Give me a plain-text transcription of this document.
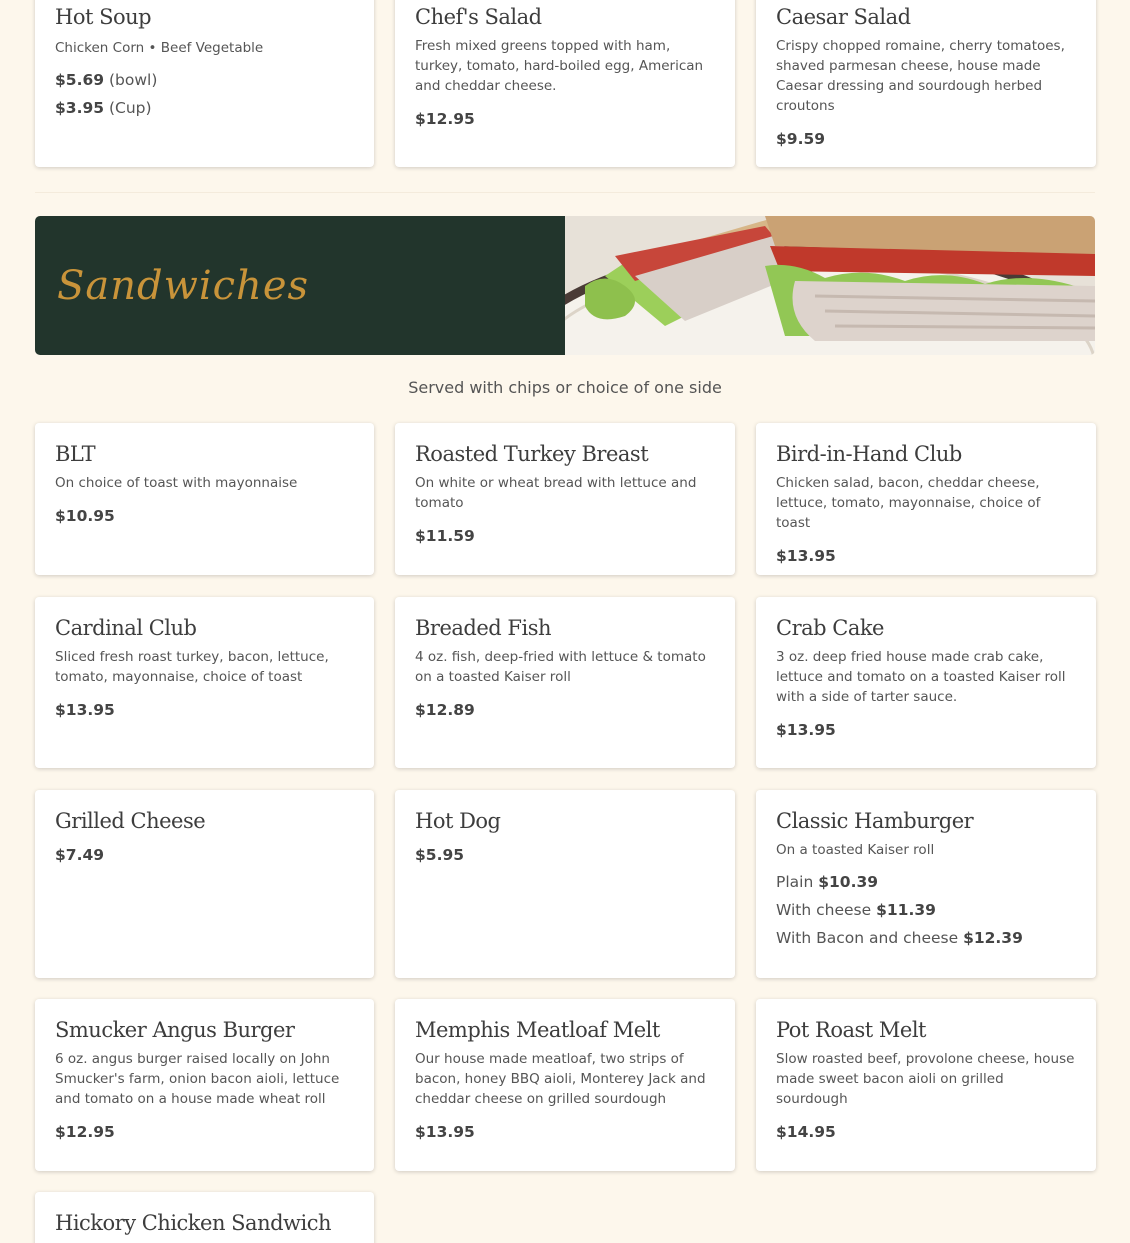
Hot Soup

Chicken Corn • Beef Vegetable

$5.69 (bowl)
$3.95 (Cup)
Chef's Salad

Fresh mixed greens topped with ham, turkey, tomato, hard-boiled egg, American and cheddar cheese.

$12.95
Caesar Salad

Crispy chopped romaine, cherry tomatoes, shaved parmesan cheese, house made Caesar dressing and sourdough herbed croutons

$9.59
Sandwiches

Served with chips or choice of one side

BLT

On choice of toast with mayonnaise

$10.95
Roasted Turkey Breast

On white or wheat bread with lettuce and tomato

$11.59
Bird-in-Hand Club

Chicken salad, bacon, cheddar cheese, lettuce, tomato, mayonnaise, choice of toast

$13.95
Cardinal Club

Sliced fresh roast turkey, bacon, lettuce, tomato, mayonnaise, choice of toast

$13.95
Breaded Fish

4 oz. fish, deep-fried with lettuce & tomato on a toasted Kaiser roll

$12.89
Crab Cake

3 oz. deep fried house made crab cake, lettuce and tomato on a toasted Kaiser roll with a side of tarter sauce.

$13.95
Grilled Cheese
$7.49
Hot Dog
$5.95
Classic Hamburger

On a toasted Kaiser roll

Plain $10.39
With cheese $11.39
With Bacon and cheese $12.39
Smucker Angus Burger

6 oz. angus burger raised locally on John Smucker's farm, onion bacon aioli, lettuce and tomato on a house made wheat roll

$12.95
Memphis Meatloaf Melt

Our house made meatloaf, two strips of bacon, honey BBQ aioli, Monterey Jack and cheddar cheese on grilled sourdough

$13.95
Pot Roast Melt

Slow roasted beef, provolone cheese, house made sweet bacon aioli on grilled sourdough

$14.95
Hickory Chicken Sandwich
